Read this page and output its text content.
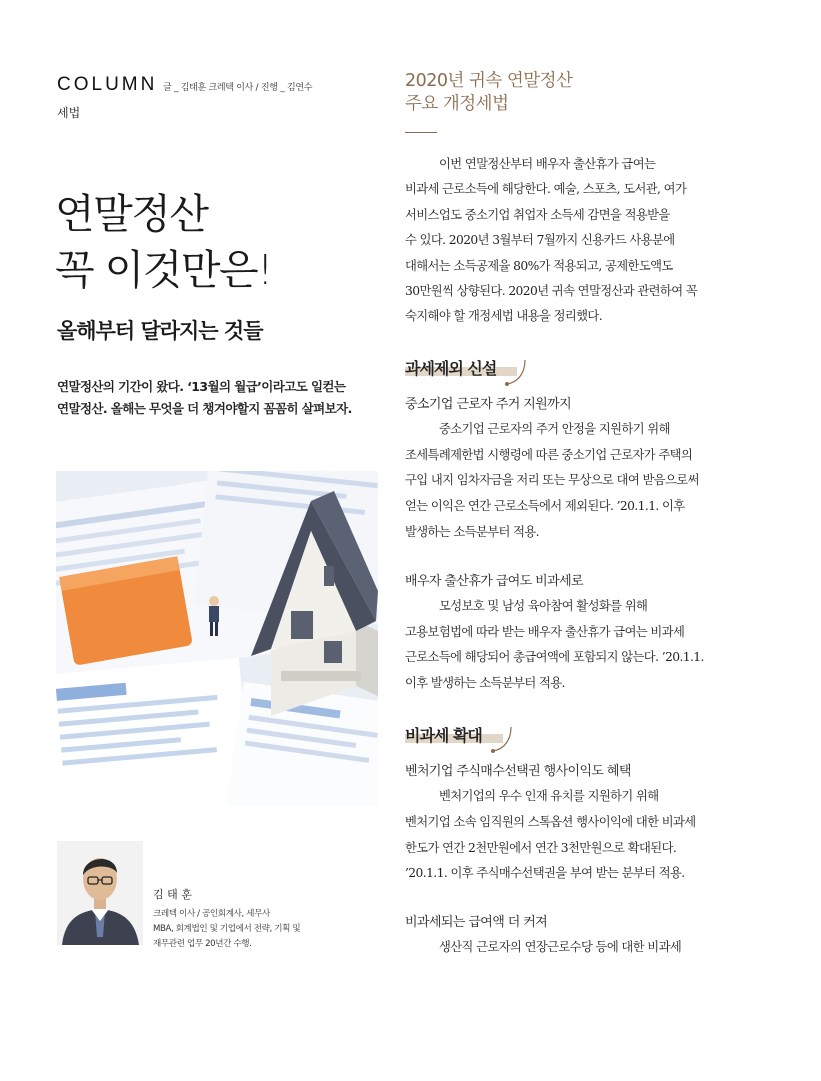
COLUMN 글 _ 김태훈 크레텍 이사 / 진행 _ 김연수
세법
연말정산
꼭 이것만은!
올해부터 달라지는 것들

연말정산의 기간이 왔다. ‘13월의 월급’이라고도 일컫는
연말정산. 올해는 무엇을 더 챙겨야할지 꼼꼼히 살펴보자.

김 태 훈
크레텍 이사 / 공인회계사, 세무사
MBA, 회계법인 및 기업에서 전략, 기획 및
재무관련 업무 20년간 수행.
2020년 귀속 연말정산
주요 개정세법

이번 연말정산부터 배우자 출산휴가 급여는
비과세 근로소득에 해당한다. 예술, 스포츠, 도서관, 여가
서비스업도 중소기업 취업자 소득세 감면을 적용받을
수 있다. 2020년 3월부터 7월까지 신용카드 사용분에
대해서는 소득공제율 80%가 적용되고, 공제한도액도
30만원씩 상향된다. 2020년 귀속 연말정산과 관련하여 꼭
숙지해야 할 개정세법 내용을 정리했다.

과세제외 신설
중소기업 근로자 주거 지원까지

중소기업 근로자의 주거 안정을 지원하기 위해
조세특례제한법 시행령에 따른 중소기업 근로자가 주택의
구입 내지 임차자금을 저리 또는 무상으로 대여 받음으로써
얻는 이익은 연간 근로소득에서 제외된다. ’20.1.1. 이후
발생하는 소득분부터 적용.

배우자 출산휴가 급여도 비과세로

모성보호 및 남성 육아참여 활성화를 위해
고용보험법에 따라 받는 배우자 출산휴가 급여는 비과세
근로소득에 해당되어 총급여액에 포함되지 않는다. ’20.1.1.
이후 발생하는 소득분부터 적용.

비과세 확대
벤처기업 주식매수선택권 행사이익도 혜택

벤처기업의 우수 인재 유치를 지원하기 위해
벤처기업 소속 임직원의 스톡옵션 행사이익에 대한 비과세
한도가 연간 2천만원에서 연간 3천만원으로 확대된다.
’20.1.1. 이후 주식매수선택권을 부여 받는 분부터 적용.

비과세되는 급여액 더 커져

생산직 근로자의 연장근로수당 등에 대한 비과세
